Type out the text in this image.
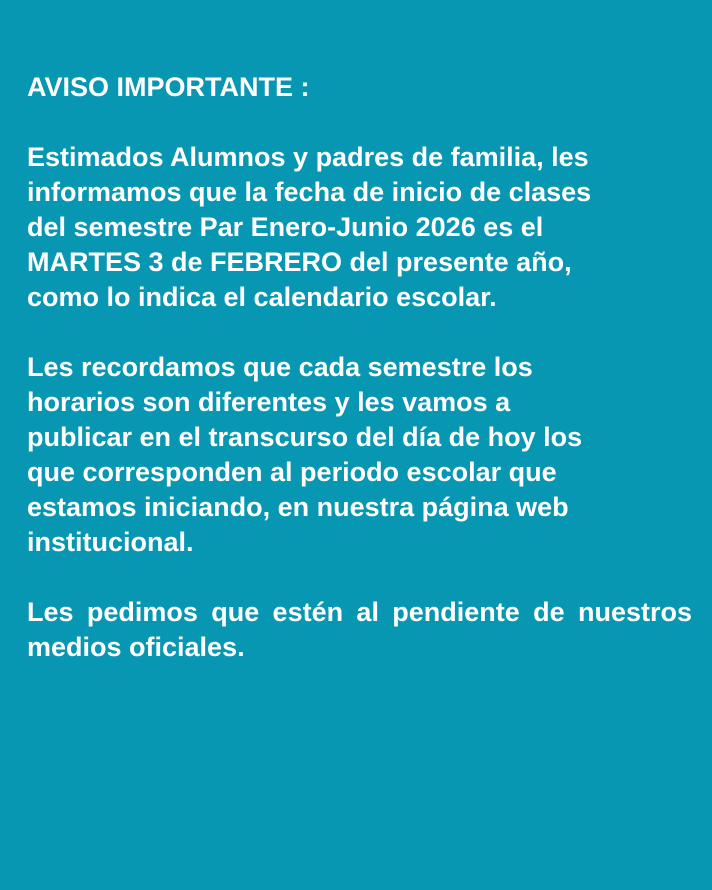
AVISO IMPORTANTE :

Estimados Alumnos y padres de familia, les
informamos que la fecha de inicio de clases
del semestre Par Enero-Junio 2026 es el
MARTES 3 de FEBRERO del presente año,
como lo indica el calendario escolar.

Les recordamos que cada semestre los
horarios son diferentes y les vamos a
publicar en el transcurso del día de hoy los
que corresponden al periodo escolar que
estamos iniciando, en nuestra página web
institucional.

Les pedimos que estén al pendiente de nuestros medios oficiales.
